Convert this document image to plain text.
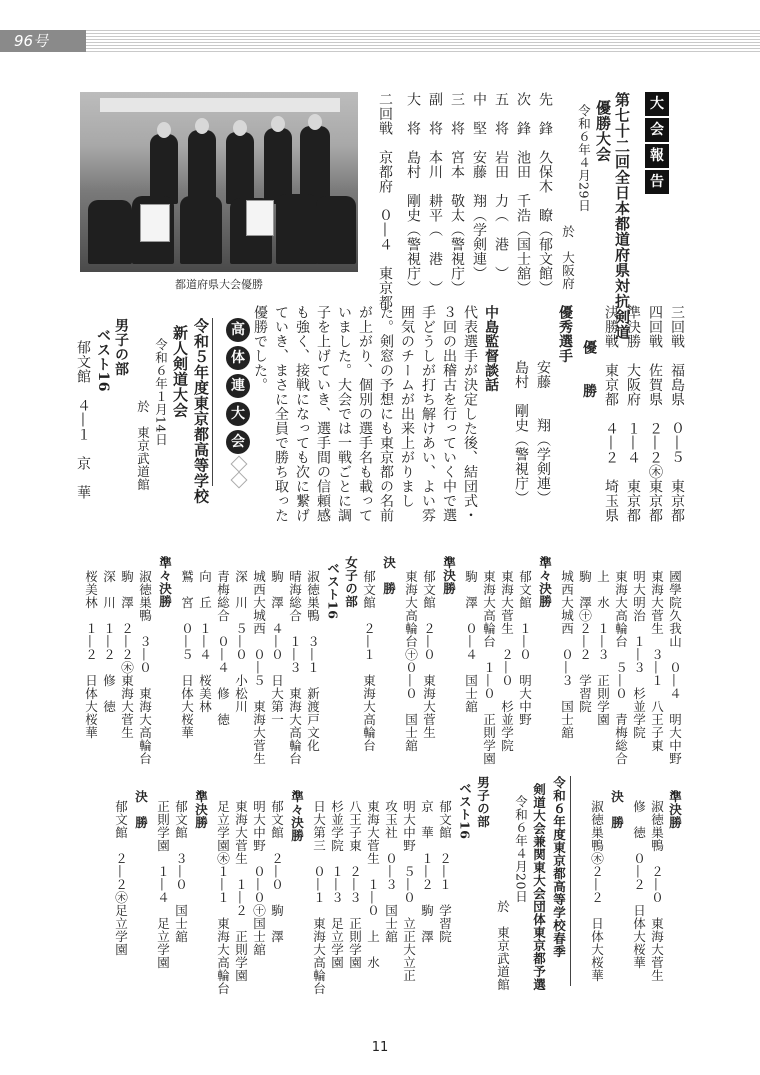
96号
大
会
報
告
第七十二回全日本都道府県対抗剣道
優勝大会
令和６年４月29日
於　大阪府
先　鋒　久保木　瞭（郁文館）
次　鋒　池田　千浩（国士舘）
五　将　岩田　力（　港　）
中　堅　安藤　翔（学剣連）
三　将　宮本　敬太（警視庁）
副　将　本川　耕平（　港　）
大　将　島村　剛史（警視庁）
二回戦　京都府　０―４　東京都
都道府県大会優勝
三回戦　福島県　０―５　東京都
四回戦　佐賀県　２―２㊍東京都
準決勝　大阪府　１―４　東京都
決勝戦　東京都　４―２　埼玉県
優　　勝
優秀選手
安藤　　翔（学剣連）
島村　剛史（警視庁）
中島監督談話
代表選手が決定した後、結団式・
３回の出稽古を行っていく中で選
手どうしが打ち解けあい、よい雰
囲気のチームが出来上がりまし
た。剣窓の予想にも東京都の名前
が上がり、個別の選手名も載って
いました。大会では一戦ごとに調
子を上げていき、選手間の信頼感
も強く、接戦になっても次に繋げ
ていき、まさに全員で勝ち取った
優勝でした。
高
体
連
大
会
令和５年度東京都高等学校
新人剣道大会
令和６年１月14日
於　東京武道館
男子の部
ベスト16
郁文館　４―１　京　華
國學院久我山　０―４　明大中野
東海大菅生　３―１　八王子東
明大明治　１―３　杉並学院
東海大高輪台　５―０　青梅総合
上　水　１―３　正則学園
駒　澤㊉２―２　学習院
城西大城西　０―３　国士舘
準々決勝
郁文館　１―０　明大中野
東海大菅生　２―０　杉並学院
東海大高輪台　１―０　正則学園
駒　澤　０―４　国士舘
準決勝
郁文館　２―０　東海大菅生
東海大高輪台㊉０―０　国士舘
決　勝
郁文館　２―１　東海大高輪台
女子の部
ベスト16
淑徳巣鴨　３―１　新渡戸文化
晴海総合　１―３　東海大高輪台
駒　澤　４―０　日大第一
城西大城西　０―５　東海大菅生
深　川　５―０　小松川
青梅総合　０―４　修　徳
向　丘　１―４　桜美林
鷲　宮　０―５　日体大桜華
準々決勝
淑徳巣鴨　３―０　東海大高輪台
駒　澤　２―２㊍東海大菅生
深　川　１―２　修　徳
桜美林　１―２　日体大桜華
準決勝
淑徳巣鴨　２―０　東海大菅生
修　徳　０―２　日体大桜華
決　勝
淑徳巣鴨㊍２―２　日体大桜華
令和６年度東京都高等学校春季
剣道大会兼関東大会団体東京都予選
令和６年４月20日
於　東京武道館
男子の部
ベスト16
郁文館　２―１　学習院
京　華　１―２　駒　澤
明大中野　５―０　立正大立正
攻玉社　０―３　国士舘
東海大菅生　１―０　上　水
八王子東　２―３　正則学園
杉並学院　１―３　足立学園
日大第三　０―１　東海大高輪台
準々決勝
郁文館　２―０　駒　澤
明大中野　０―０㊉国士舘
東海大菅生　１―２　正則学園
足立学園㊍１―１　東海大高輪台
準決勝
郁文館　３―０　国士舘
正則学園　１―４　足立学園
決　勝
郁文館　２―２㊍足立学園
11
